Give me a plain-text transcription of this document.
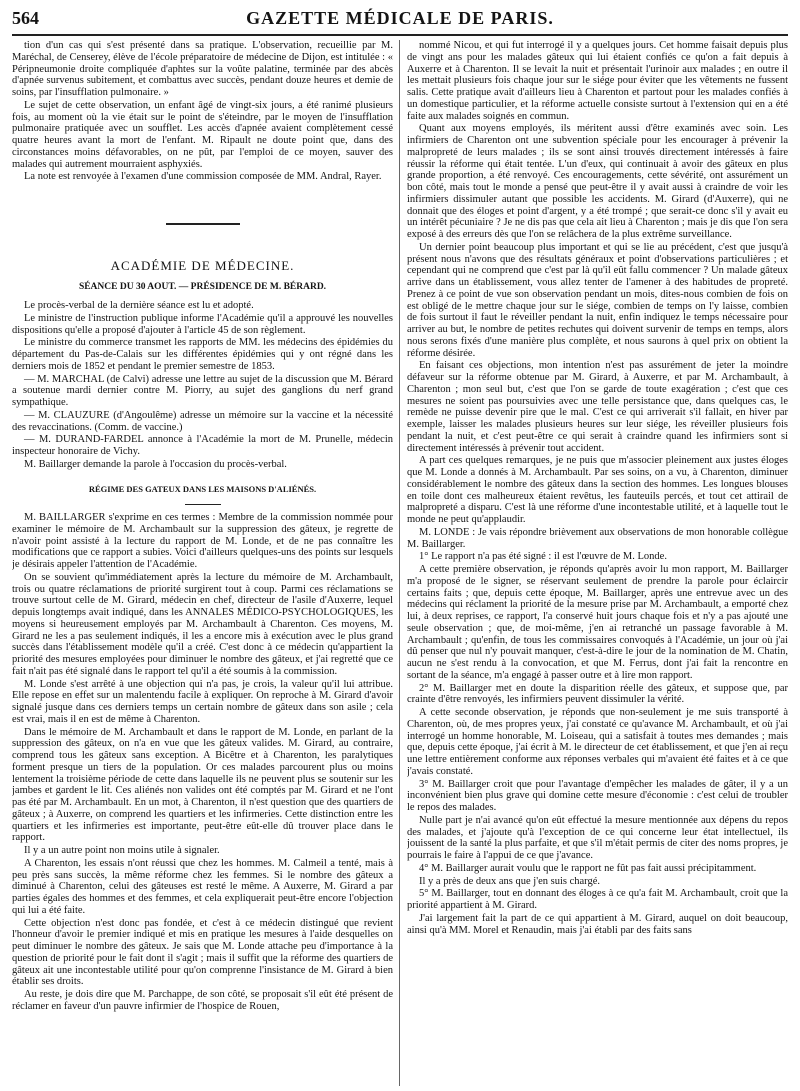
564	GAZETTE MÉDICALE DE PARIS.

tion d'un cas qui s'est présenté dans sa pratique. L'observation, recueillie par M. Maréchal, de Censerey, élève de l'école préparatoire de médecine de Dijon, est intitulée : « Péripneumonie droite compliquée d'aphtes sur la voûte palatine, terminée par des abcès d'apnée survenus subitement, et combattus avec succès, pendant douze heures et demie de soins, par l'insufflation pulmonaire. »

Le sujet de cette observation, un enfant âgé de vingt-six jours, a été ranimé plusieurs fois, au moment où la vie était sur le point de s'éteindre, par le moyen de l'insufflation pulmonaire pratiquée avec un soufflet. Les accès d'apnée avaient complètement cessé quatre heures avant la mort de l'enfant. M. Ripault ne doute point que, dans des circonstances moins défavorables, on ne pût, par l'emploi de ce moyen, sauver des malades qui autrement mourraient asphyxiés.

La note est renvoyée à l'examen d'une commission composée de MM. Andral, Rayer.

ACADÉMIE DE MÉDECINE.
SÉANCE DU 30 AOUT. — PRÉSIDENCE DE M. BÉRARD.

Le procès-verbal de la dernière séance est lu et adopté.

Le ministre de l'instruction publique informe l'Académie qu'il a approuvé les nouvelles dispositions qu'elle a proposé d'ajouter à l'article 45 de son règlement.

Le ministre du commerce transmet les rapports de MM. les médecins des épidémies du département du Pas-de-Calais sur les différentes épidémies qui y ont régné dans les derniers mois de 1852 et pendant le premier semestre de 1853.

— M. MARCHAL (de Calvi) adresse une lettre au sujet de la discussion que M. Bérard a soutenue mardi dernier contre M. Piorry, au sujet des ganglions du nerf grand sympathique.

— M. CLAUZURE (d'Angoulême) adresse un mémoire sur la vaccine et la nécessité des revaccinations. (Comm. de vaccine.)

— M. DURAND-FARDEL annonce à l'Académie la mort de M. Prunelle, médecin inspecteur honoraire de Vichy.

M. Baillarger demande la parole à l'occasion du procès-verbal.

RÉGIME DES GATEUX DANS LES MAISONS D'ALIÉNÉS.

M. BAILLARGER s'exprime en ces termes : Membre de la commission nommée pour examiner le mémoire de M. Archambault sur la suppression des gâteux, je regrette de n'avoir point assisté à la lecture du rapport de M. Londe, et de ne pas connaître les modifications que ce rapport a subies. Voici d'ailleurs quelques-uns des points sur lesquels je désirais appeler l'attention de l'Académie.

On se souvient qu'immédiatement après la lecture du mémoire de M. Archambault, trois ou quatre réclamations de priorité surgirent tout à coup. Parmi ces réclamations se trouve surtout celle de M. Girard, médecin en chef, directeur de l'asile d'Auxerre, lequel depuis longtemps avait indiqué, dans les ANNALES MÉDICO-PSYCHOLOGIQUES, les moyens si heureusement employés par M. Archambault à Charenton. Ces moyens, M. Girard ne les a pas seulement indiqués, il les a encore mis à exécution avec le plus grand succès dans l'établissement modèle qu'il a créé. C'est donc à ce médecin qu'appartient la priorité des mesures employées pour diminuer le nombre des gâteux, et j'ai regretté que ce fait n'ait pas été signalé dans le rapport tel qu'il a été soumis à la commission.

M. Londe s'est arrêté à une objection qui n'a pas, je crois, la valeur qu'il lui attribue. Elle repose en effet sur un malentendu facile à expliquer. On reproche à M. Girard d'avoir signalé jusque dans ces derniers temps un certain nombre de gâteux dans son asile ; cela est vrai, mais il en est de même à Charenton.

Dans le mémoire de M. Archambault et dans le rapport de M. Londe, en parlant de la suppression des gâteux, on n'a en vue que les gâteux valides. M. Girard, au contraire, comprend tous les gâteux sans exception. A Bicêtre et à Charenton, les paralytiques forment presque un tiers de la population. Or ces malades parcourent plus ou moins lentement la troisième période de cette dans laquelle ils ne peuvent plus se soutenir sur les jambes et gardent le lit. Ces aliénés non valides ont été comptés par M. Girard et ne l'ont pas été par M. Archambault. En un mot, à Charenton, il n'est question que des quartiers de gâteux ; à Auxerre, on comprend les quartiers et les infirmeries. Cette distinction entre les quartiers et les infirmeries est importante, peut-être eût-elle dû trouver place dans le rapport.

Il y a un autre point non moins utile à signaler.

A Charenton, les essais n'ont réussi que chez les hommes. M. Calmeil a tenté, mais à peu près sans succès, la même réforme chez les femmes. Si le nombre des gâteux a diminué à Charenton, celui des gâteuses est resté le même. A Auxerre, M. Girard a par parties égales des hommes et des femmes, et cela expliquerait peut-être encore l'objection qui lui a été faite.

Cette objection n'est donc pas fondée, et c'est à ce médecin distingué que revient l'honneur d'avoir le premier indiqué et mis en pratique les mesures à l'aide desquelles on peut diminuer le nombre des gâteux. Je sais que M. Londe attache peu d'importance à la question de priorité pour le fait dont il s'agit ; mais il suffit que la réforme des quartiers de gâteux ait une incontestable utilité pour qu'on comprenne l'insistance de M. Girard à bien établir ses droits.

Au reste, je dois dire que M. Parchappe, de son côté, se proposait s'il eût été présent de réclamer en faveur d'un pauvre infirmier de l'hospice de Rouen,

nommé Nicou, et qui fut interrogé il y a quelques jours. Cet homme faisait depuis plus de vingt ans pour les malades gâteux qui lui étaient confiés ce qu'on a fait depuis à Auxerre et à Charenton. Il se levait la nuit et présentait l'urinoir aux malades ; en outre il les mettait plusieurs fois chaque jour sur le siége pour éviter que les vêtements ne fussent salis. Cette pratique avait d'ailleurs lieu à Charenton et partout pour les malades confiés à un domestique particulier, et la réforme actuelle consiste surtout à l'extension qui en a été faite aux malades soignés en commun.

Quant aux moyens employés, ils méritent aussi d'être examinés avec soin. Les infirmiers de Charenton ont une subvention spéciale pour les encourager à prévenir la malpropreté de leurs malades ; ils se sont ainsi trouvés directement intéressés à faire réussir la réforme qui était tentée. L'un d'eux, qui continuait à avoir des gâteux en plus grande proportion, a été renvoyé. Ces encouragements, cette sévérité, ont assurément un bon côté, mais tout le monde a pensé que peut-être il y avait aussi à craindre de voir les infirmiers dissimuler autant que possible les accidents. M. Girard (d'Auxerre), qui ne donnait que des éloges et point d'argent, y a été trompé ; que serait-ce donc s'il y avait eu un intérêt pécuniaire ? Je ne dis pas que cela ait lieu à Charenton ; mais je dis que l'on sera exposé à des erreurs dès que l'on se relâchera de la plus extrême surveillance.

Un dernier point beaucoup plus important et qui se lie au précédent, c'est que jusqu'à présent nous n'avons que des résultats généraux et point d'observations particulières ; et cependant qui ne comprend que c'est par là qu'il eût fallu commencer ? Un malade gâteux arrive dans un établissement, vous allez tenter de l'amener à des habitudes de propreté. Prenez à ce point de vue son observation pendant un mois, dites-nous combien de fois on est obligé de le mettre chaque jour sur le siége, combien de temps on l'y laisse, combien de fois surtout il faut le réveiller pendant la nuit, enfin indiquez le temps nécessaire pour arriver au but, le nombre de petites rechutes qui doivent survenir de temps en temps, alors nous serons fixés d'une manière plus complète, et nous saurons à quel prix on obtient la réforme désirée.

En faisant ces objections, mon intention n'est pas assurément de jeter la moindre défaveur sur la réforme obtenue par M. Girard, à Auxerre, et par M. Archambault, à Charenton ; mon seul but, c'est que l'on se garde de toute exagération ; c'est que ces mesures ne soient pas poursuivies avec une telle persistance que, dans quelques cas, le remède ne puisse devenir pire que le mal. C'est ce qui arriverait s'il fallait, en hiver par exemple, laisser les malades plusieurs heures sur leur siége, les réveiller plusieurs fois pendant la nuit, et c'est peut-être ce qui serait à craindre quand les infirmiers sont si directement intéressés à prévenir tout accident.

A part ces quelques remarques, je ne puis que m'associer pleinement aux justes éloges que M. Londe a donnés à M. Archambault. Par ses soins, on a vu, à Charenton, diminuer considérablement le nombre des gâteux dans la section des hommes. Les longues blouses en toile dont ces malheureux étaient revêtus, les fauteuils percés, et tout cet attirail de malpropreté a disparu. C'est là une réforme d'une incontestable utilité, et à laquelle tout le monde ne peut qu'applaudir.

M. LONDE : Je vais répondre brièvement aux observations de mon honorable collègue M. Baillarger.

1° Le rapport n'a pas été signé : il est l'œuvre de M. Londe.

A cette première observation, je réponds qu'après avoir lu mon rapport, M. Baillarger m'a proposé de le signer, se réservant seulement de prendre la parole pour éclaircir certains faits ; que, depuis cette époque, M. Baillarger, après une entrevue avec un des médecins qui réclament la priorité de la mesure prise par M. Archambault, a emporté chez lui, à deux reprises, ce rapport, l'a conservé huit jours chaque fois et n'y a pas ajouté une seule observation ; que, de moi-même, j'en ai retranché un passage favorable à M. Archambault ; qu'enfin, de tous les commissaires convoqués à l'Académie, un jour où j'ai dû penser que nul n'y pouvait manquer, c'est-à-dire le jour de la nomination de M. Chatin, aucun ne s'est rendu à la convocation, et que M. Ferrus, dont j'ai fait la rencontre en sortant de la séance, m'a engagé à passer outre et à lire mon rapport.

2° M. Baillarger met en doute la disparition réelle des gâteux, et suppose que, par crainte d'être renvoyés, les infirmiers peuvent dissimuler la vérité.

A cette seconde observation, je réponds que non-seulement je me suis transporté à Charenton, où, de mes propres yeux, j'ai constaté ce qu'avance M. Archambault, et où j'ai interrogé un homme honorable, M. Loiseau, qui a satisfait à toutes mes demandes ; mais que, depuis cette époque, j'ai écrit à M. le directeur de cet établissement, et que j'en ai reçu une lettre entièrement conforme aux réponses verbales qui m'avaient été faites et à ce que j'avais constaté.

3° M. Baillarger croit que pour l'avantage d'empêcher les malades de gâter, il y a un inconvénient bien plus grave qui domine cette mesure d'économie : c'est celui de troubler le repos des malades.

Nulle part je n'ai avancé qu'on eût effectué la mesure mentionnée aux dépens du repos des malades, et j'ajoute qu'à l'exception de ce qui concerne leur état intellectuel, ils jouissent de la santé la plus parfaite, et que s'il m'était permis de citer des noms propres, je pourrais le faire à l'appui de ce que j'avance.

4° M. Baillarger aurait voulu que le rapport ne fût pas fait aussi précipitamment.

Il y a près de deux ans que j'en suis chargé.

5° M. Baillarger, tout en donnant des éloges à ce qu'a fait M. Archambault, croit que la priorité appartient à M. Girard.

J'ai largement fait la part de ce qui appartient à M. Girard, auquel on doit beaucoup, ainsi qu'à MM. Morel et Renaudin, mais j'ai établi par des faits sans
